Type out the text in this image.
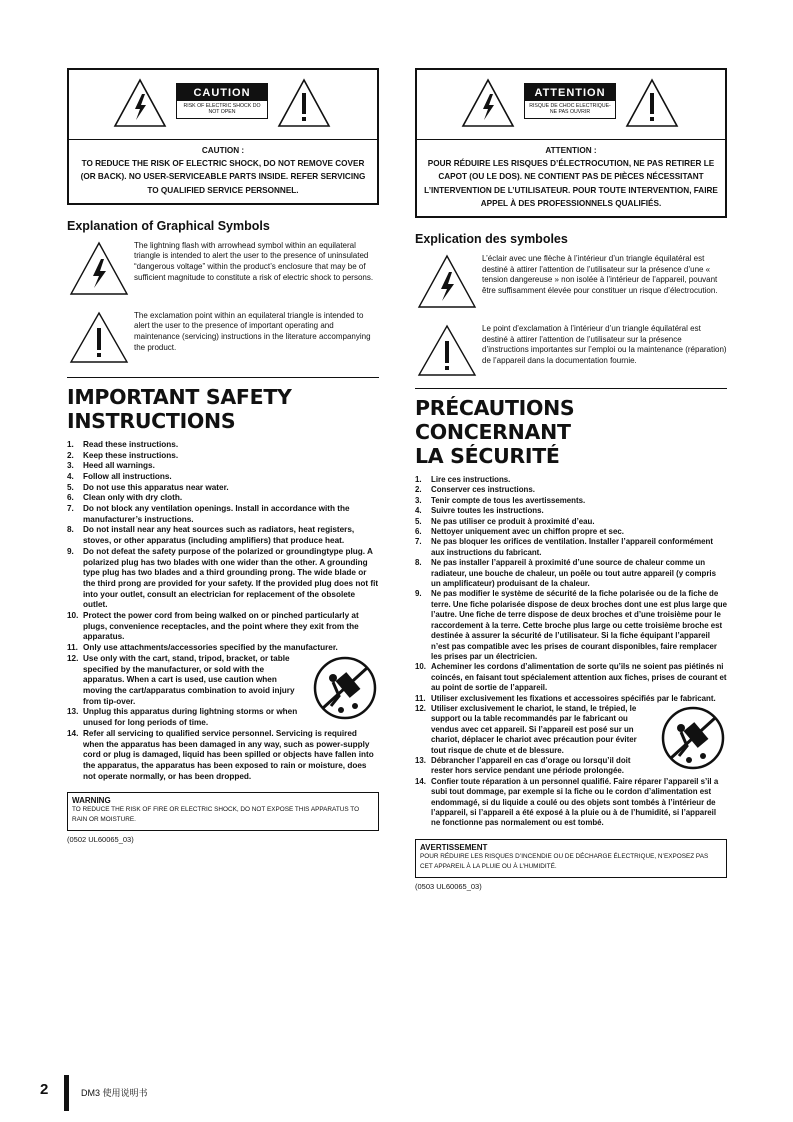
CAUTION
RISK OF ELECTRIC SHOCK DO NOT OPEN
CAUTION :
TO REDUCE THE RISK OF ELECTRIC SHOCK, DO NOT REMOVE COVER (OR BACK). NO USER-SERVICEABLE PARTS INSIDE. REFER SERVICING TO QUALIFIED SERVICE PERSONNEL.
Explanation of Graphical Symbols
The lightning flash with arrowhead symbol within an equilateral triangle is intended to alert the user to the presence of uninsulated “dangerous voltage” within the product’s enclosure that may be of sufficient magnitude to constitute a risk of electric shock to persons.
The exclamation point within an equilateral triangle is intended to alert the user to the presence of important operating and maintenance (servicing) instructions in the literature accompanying the product.
IMPORTANT SAFETY
INSTRUCTIONS
1. Read these instructions.
2. Keep these instructions.
3. Heed all warnings.
4. Follow all instructions.
5. Do not use this apparatus near water.
6. Clean only with dry cloth.
7. Do not block any ventilation openings. Install in accordance with the manufacturer’s instructions.
8. Do not install near any heat sources such as radiators, heat registers, stoves, or other apparatus (including amplifiers) that produce heat.
9. Do not defeat the safety purpose of the polarized or groundingtype plug. A polarized plug has two blades with one wider than the other. A grounding type plug has two blades and a third grounding prong. The wide blade or the third prong are provided for your safety. If the provided plug does not fit into your outlet, consult an electrician for replacement of the obsolete outlet.
10. Protect the power cord from being walked on or pinched particularly at plugs, convenience receptacles, and the point where they exit from the apparatus.
11. Only use attachments/accessories specified by the manufacturer.
12. Use only with the cart, stand, tripod, bracket, or table specified by the manufacturer, or sold with the apparatus. When a cart is used, use caution when moving the cart/apparatus combination to avoid injury from tip-over.
13. Unplug this apparatus during lightning storms or when unused for long periods of time.
14. Refer all servicing to qualified service personnel. Servicing is required when the apparatus has been damaged in any way, such as power-supply cord or plug is damaged, liquid has been spilled or objects have fallen into the apparatus, the apparatus has been exposed to rain or moisture, does not operate normally, or has been dropped.
WARNING
TO REDUCE THE RISK OF FIRE OR ELECTRIC SHOCK, DO NOT EXPOSE THIS APPARATUS TO RAIN OR MOISTURE.
(0502 UL60065_03)
ATTENTION
RISQUE DE CHOC ELECTRIQUE-NE PAS OUVRIR
ATTENTION :
POUR RÉDUIRE LES RISQUES D’ÉLECTROCUTION, NE PAS RETIRER LE CAPOT (OU LE DOS). NE CONTIENT PAS DE PIÈCES NÉCESSITANT L’INTERVENTION DE L’UTILISATEUR. POUR TOUTE INTERVENTION, FAIRE APPEL À DES PROFESSIONNELS QUALIFIÉS.
Explication des symboles
L’éclair avec une flèche à l’intérieur d’un triangle équilatéral est destiné à attirer l’attention de l’utilisateur sur la présence d’une « tension dangereuse » non isolée à l’intérieur de l’appareil, pouvant être suffisamment élevée pour constituer un risque d’électrocution.
Le point d’exclamation à l’intérieur d’un triangle équilatéral est destiné à attirer l’attention de l’utilisateur sur la présence d’instructions importantes sur l’emploi ou la maintenance (réparation) de l’appareil dans la documentation fournie.
PRÉCAUTIONS CONCERNANT
LA SÉCURITÉ
1. Lire ces instructions.
2. Conserver ces instructions.
3. Tenir compte de tous les avertissements.
4. Suivre toutes les instructions.
5. Ne pas utiliser ce produit à proximité d’eau.
6. Nettoyer uniquement avec un chiffon propre et sec.
7. Ne pas bloquer les orifices de ventilation. Installer l’appareil conformément aux instructions du fabricant.
8. Ne pas installer l’appareil à proximité d’une source de chaleur comme un radiateur, une bouche de chaleur, un poêle ou tout autre appareil (y compris un amplificateur) produisant de la chaleur.
9. Ne pas modifier le système de sécurité de la fiche polarisée ou de la fiche de terre. Une fiche polarisée dispose de deux broches dont une est plus large que l’autre. Une fiche de terre dispose de deux broches et d’une troisième pour le raccordement à la terre. Cette broche plus large ou cette troisième broche est destinée à assurer la sécurité de l’utilisateur. Si la fiche équipant l’appareil n’est pas compatible avec les prises de courant disponibles, faire remplacer les prises par un électricien.
10. Acheminer les cordons d’alimentation de sorte qu’ils ne soient pas piétinés ni coincés, en faisant tout spécialement attention aux fiches, prises de courant et au point de sortie de l’appareil.
11. Utiliser exclusivement les fixations et accessoires spécifiés par le fabricant.
12. Utiliser exclusivement le chariot, le stand, le trépied, le support ou la table recommandés par le fabricant ou vendus avec cet appareil. Si l’appareil est posé sur un chariot, déplacer le chariot avec précaution pour éviter tout risque de chute et de blessure.
13. Débrancher l’appareil en cas d’orage ou lorsqu’il doit rester hors service pendant une période prolongée.
14. Confier toute réparation à un personnel qualifié. Faire réparer l’appareil s’il a subi tout dommage, par exemple si la fiche ou le cordon d’alimentation est endommagé, si du liquide a coulé ou des objets sont tombés à l’intérieur de l’appareil, si l’appareil a été exposé à la pluie ou à de l’humidité, si l’appareil ne fonctionne pas normalement ou est tombé.
AVERTISSEMENT
POUR RÉDUIRE LES RISQUES D’INCENDIE OU DE DÉCHARGE ÉLECTRIQUE, N’EXPOSEZ PAS CET APPAREIL À LA PLUIE OU À L’HUMIDITÉ.
(0503 UL60065_03)
2	DM3 使用说明书
